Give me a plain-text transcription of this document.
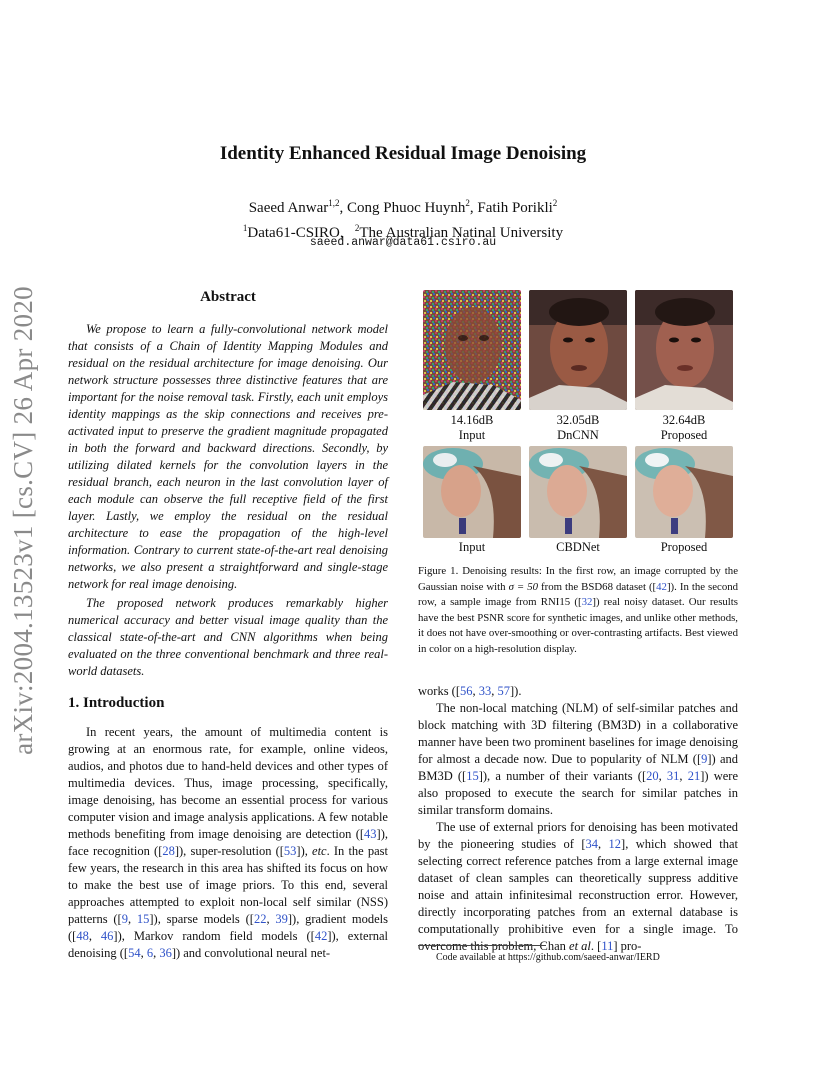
arXiv:2004.13523v1 [cs.CV] 26 Apr 2020
Identity Enhanced Residual Image Denoising
Saeed Anwar$^{1,2}$, Cong Phuoc Huynh$^2$, Fatih Porikli$^2$
$^1$Data61-CSIRO, $^2$The Australian Natinal University
saeed.anwar@data61.csiro.au
Abstract

We propose to learn a fully-convolutional network model that consists of a Chain of Identity Mapping Modules and residual on the residual architecture for image denoising. Our network structure possesses three distinctive features that are important for the noise removal task. Firstly, each unit employs identity mappings as the skip connections and receives pre-activated input to preserve the gradient magnitude propagated in both the forward and backward directions. Secondly, by utilizing dilated kernels for the convolution layers in the residual branch, each neuron in the last convolution layer of each module can observe the full receptive field of the first layer. Lastly, we employ the residual on the residual architecture to ease the propagation of the high-level information. Contrary to current state-of-the-art real denoising networks, we also present a straightforward and single-stage network for real image denoising.

The proposed network produces remarkably higher numerical accuracy and better visual image quality than the classical state-of-the-art and CNN algorithms when being evaluated on the three conventional benchmark and three real-world datasets.

1. Introduction

In recent years, the amount of multimedia content is growing at an enormous rate, for example, online videos, audios, and photos due to hand-held devices and other types of multimedia devices. Thus, image processing, specifically, image denoising, has become an essential process for various computer vision and image analysis applications. A few notable methods benefiting from image denoising are detection ([43]), face recognition ([28]), super-resolution ([53]), etc. In the past few years, the research in this area has shifted its focus on how to make the best use of image priors. To this end, several approaches attempted to exploit non-local self similar (NSS) patterns ([9, 15]), sparse models ([22, 39]), gradient models ([48, 46]), Markov random field models ([42]), external denoising ([54, 6, 36]) and convolutional neural net-

14.16dB
Input
32.05dB
DnCNN
32.64dB
Proposed
Input	CBDNet	Proposed
Figure 1. Denoising results: In the first row, an image corrupted by the Gaussian noise with σ = 50 from the BSD68 dataset ([42]). In the second row, a sample image from RNI15 ([32]) real noisy dataset. Our results have the best PSNR score for synthetic images, and unlike other methods, it does not have over-smoothing or over-contrasting artifacts. Best viewed in color on a high-resolution display.

works ([56, 33, 57]).

The non-local matching (NLM) of self-similar patches and block matching with 3D filtering (BM3D) in a collaborative manner have been two prominent baselines for image denoising for almost a decade now. Due to popularity of NLM ([9]) and BM3D ([15]), a number of their variants ([20, 31, 21]) were also proposed to execute the search for similar patches in similar transform domains.

The use of external priors for denoising has been motivated by the pioneering studies of [34, 12], which showed that selecting correct reference patches from a large external image dataset of clean samples can theoretically suppress additive noise and attain infinitesimal reconstruction error. However, directly incorporating patches from an external database is computationally prohibitive even for a single image. To overcome this problem, Chan et al. [11] pro-

Code available at https://github.com/saeed-anwar/IERD
